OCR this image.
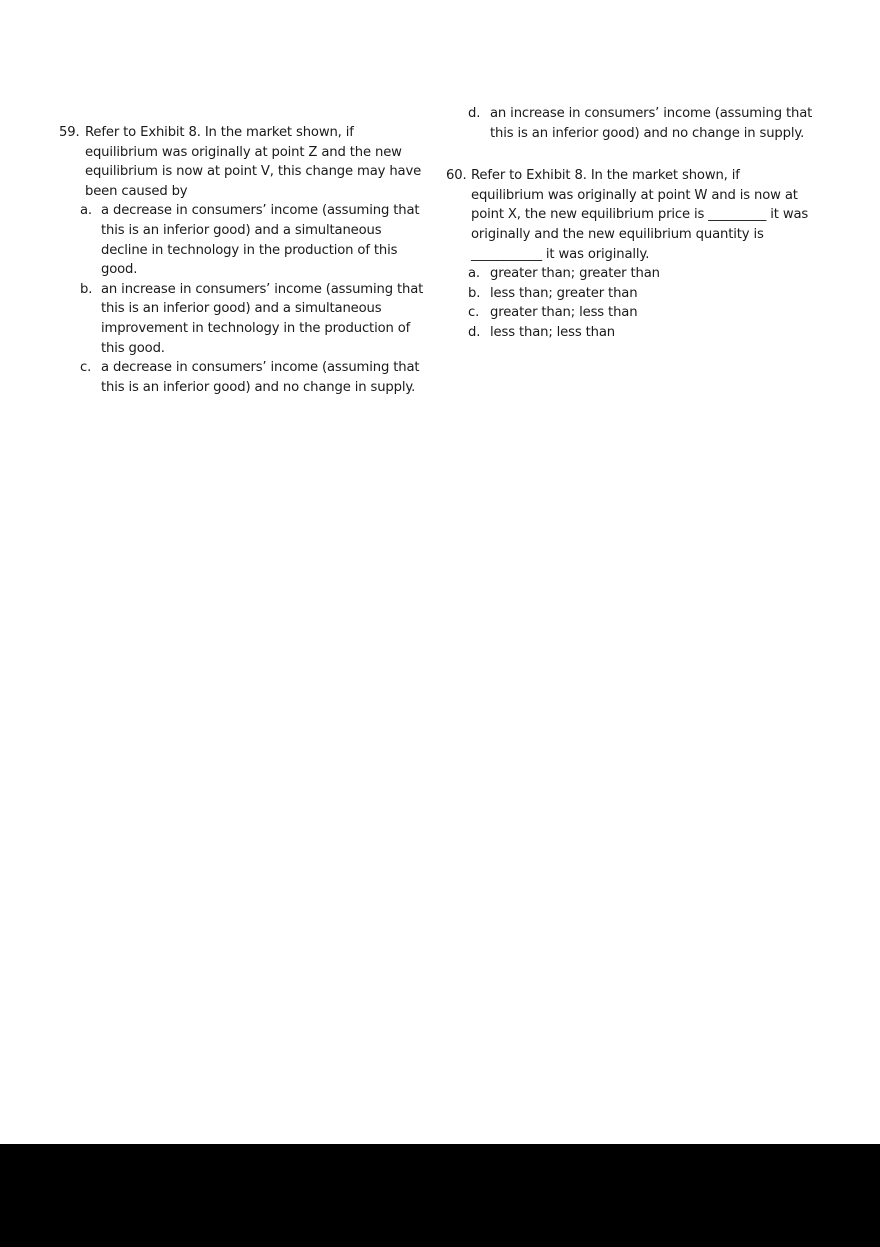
59. Refer to Exhibit 8. In the market shown, if equilibrium was originally at point Z and the new equilibrium is now at point V, this change may have been caused by
a. a decrease in consumers’ income (assuming that this is an inferior good) and a simultaneous decline in technology in the production of this good.
b. an increase in consumers’ income (assuming that this is an inferior good) and a simultaneous improvement in technology in the production of this good.
c. a decrease in consumers’ income (assuming that this is an inferior good) and no change in supply.
d. an increase in consumers’ income (assuming that this is an inferior good) and no change in supply.
60. Refer to Exhibit 8. In the market shown, if equilibrium was originally at point W and is now at point X, the new equilibrium price is _________ it was originally and the new equilibrium quantity is ___________ it was originally.
a. greater than; greater than
b. less than; greater than
c. greater than; less than
d. less than; less than
